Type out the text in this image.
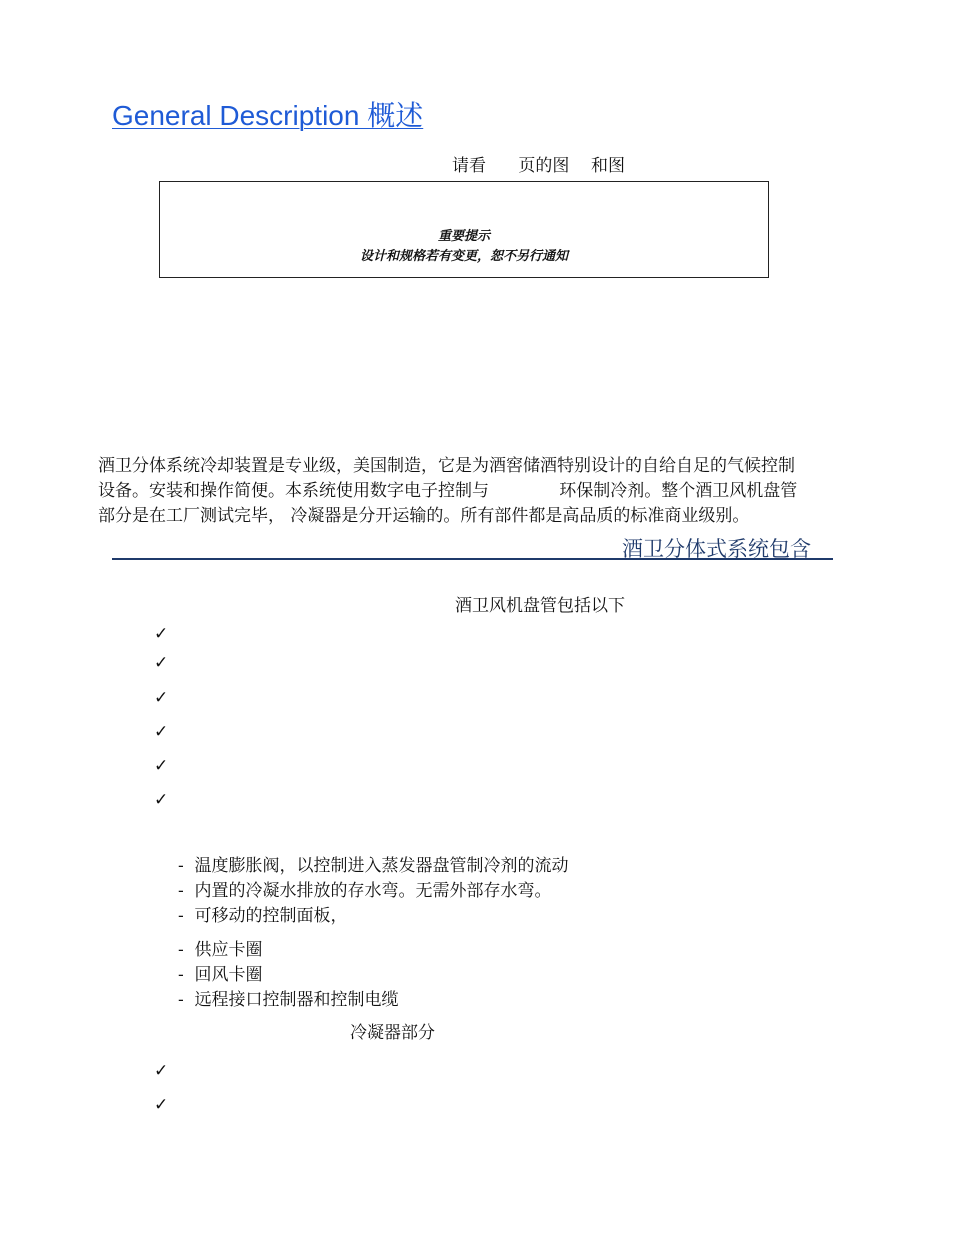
General Description 概述
请看      页的图    和图
重要提示
设计和规格若有变更，恕不另行通知
酒卫分体系统冷却装置是专业级，美国制造，它是为酒窖储酒特别设计的自给自足的气候控制
设备。安装和操作简便。本系统使用数字电子控制与             环保制冷剂。整个酒卫风机盘管
部分是在工厂测试完毕， 冷凝器是分开运输的。所有部件都是高品质的标准商业级别。
酒卫分体式系统包含
酒卫风机盘管包括以下
✓
✓
✓
✓
✓
✓
-  温度膨胀阀，以控制进入蒸发器盘管制冷剂的流动
-  内置的冷凝水排放的存水弯。无需外部存水弯。
-  可移动的控制面板，
-  供应卡圈
-  回风卡圈
-  远程接口控制器和控制电缆
冷凝器部分
✓
✓
